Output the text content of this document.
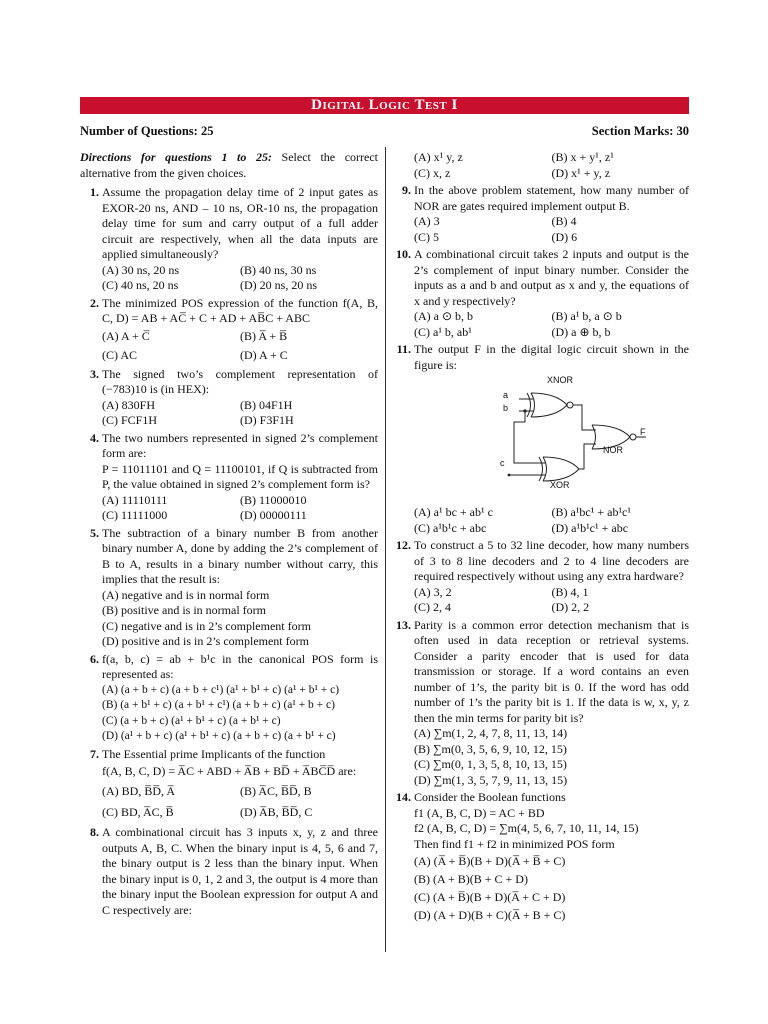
Digital Logic Test I
Number of Questions: 25	Section Marks: 30

Directions for questions 1 to 25: Select the correct alternative from the given choices.

1. Assume the propagation delay time of 2 input gates as EXOR-20 ns, AND – 10 ns, OR-10 ns, the propagation delay time for sum and carry output of a full adder circuit are respectively, when all the data inputs are applied simultaneously?

(A) 30 ns, 20 ns	(B) 40 ns, 30 ns
(C) 40 ns, 20 ns	(D) 20 ns, 20 ns
2. The minimized POS expression of the function f(A, B, C, D) = AB + AC̅ + C + AD + AB̅C + ABC

(A) A + C̅	(B) A̅ + B̅
(C) AC	(D) A + C
3. The signed two’s complement representation of (−783)10 is (in HEX):

(A) 830FH	(B) 04F1H
(C) FCF1H	(D) F3F1H
4. The two numbers represented in signed 2’s complement form are:

P = 11011101 and Q = 11100101, if Q is subtracted from P, the value obtained in signed 2’s complement form is?

(A) 11110111	(B) 11000010
(C) 11111000	(D) 00000111
5. The subtraction of a binary number B from another binary number A, done by adding the 2’s complement of B to A, results in a binary number without carry, this implies that the result is:

(A) negative and is in normal form
(B) positive and is in normal form
(C) negative and is in 2’s complement form
(D) positive and is in 2’s complement form
6. f(a, b, c) = ab + b¹c in the canonical POS form is represented as:

(A) (a + b + c) (a + b + c¹) (a¹ + b¹ + c) (a¹ + b¹ + c)
(B) (a + b¹ + c) (a + b¹ + c¹) (a + b + c) (a¹ + b + c)
(C) (a + b + c) (a¹ + b¹ + c) (a + b¹ + c)
(D) (a¹ + b + c) (a¹ + b¹ + c) (a + b + c) (a + b¹ + c)
7. The Essential prime Implicants of the function

f(A, B, C, D) = A̅C + ABD + A̅B + BD̅ + A̅BC̅D̅ are:

(A) BD, B̅D̅, A̅	(B) A̅C, B̅D̅, B
(C) BD, A̅C, B̅	(D) A̅B, B̅D̅, C
8. A combinational circuit has 3 inputs x, y, z and three outputs A, B, C. When the binary input is 4, 5, 6 and 7, the binary output is 2 less than the binary input. When the binary input is 0, 1, 2 and 3, the output is 4 more than the binary input the Boolean expression for output A and C respectively are:

(A) x¹ y, z	(B) x + y¹, z¹
(C) x, z	(D) x¹ + y, z
9. In the above problem statement, how many number of NOR are gates required implement output B.

(A) 3	(B) 4
(C) 5	(D) 6
10. A combinational circuit takes 2 inputs and output is the 2’s complement of input binary number. Consider the inputs as a and b and output as x and y, the equations of x and y respectively?

(A) a ⊙ b, b	(B) a¹ b, a ⊙ b
(C) a¹ b, ab¹	(D) a ⊕ b, b
11. The output F in the digital logic circuit shown in the figure is:

XNOR
a
b
F
NOR
c
XOR
(A) a¹ bc + ab¹ c	(B) a¹bc¹ + ab¹c¹
(C) a¹b¹c + abc	(D) a¹b¹c¹ + abc
12. To construct a 5 to 32 line decoder, how many numbers of 3 to 8 line decoders and 2 to 4 line decoders are required respectively without using any extra hardware?

(A) 3, 2	(B) 4, 1
(C) 2, 4	(D) 2, 2
13. Parity is a common error detection mechanism that is often used in data reception or retrieval systems. Consider a parity encoder that is used for data transmission or storage. If a word contains an even number of 1’s, the parity bit is 0. If the word has odd number of 1’s the parity bit is 1. If the data is w, x, y, z then the min terms for parity bit is?

(A) ∑m(1, 2, 4, 7, 8, 11, 13, 14)
(B) ∑m(0, 3, 5, 6, 9, 10, 12, 15)
(C) ∑m(0, 1, 3, 5, 8, 10, 13, 15)
(D) ∑m(1, 3, 5, 7, 9, 11, 13, 15)
14. Consider the Boolean functions

f1 (A, B, C, D) = AC + BD

f2 (A, B, C, D) = ∑m(4, 5, 6, 7, 10, 11, 14, 15)

Then find f1 + f2 in minimized POS form

(A) (A̅ + B̅)(B + D)(A̅ + B̅ + C)
(B) (A + B)(B + C + D)
(C) (A + B̅)(B + D)(A̅ + C + D)
(D) (A + D)(B + C)(A̅ + B + C)
